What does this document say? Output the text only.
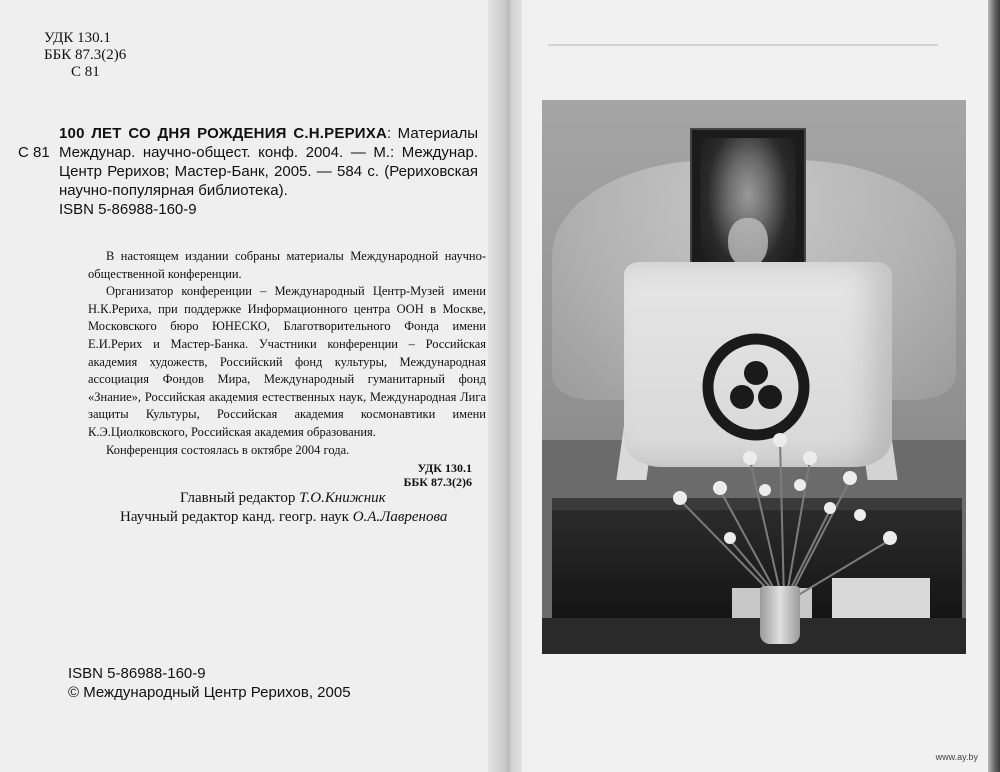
УДК 130.1
ББК 87.3(2)6
С 81
С 81
100 ЛЕТ СО ДНЯ РОЖДЕНИЯ С.Н.РЕРИХА: Материалы Междунар. научно-общест. конф. 2004. — М.: Междунар. Центр Рерихов; Мастер-Банк, 2005. — 584 с. (Рериховская научно-популярная библиотека).
ISBN 5-86988-160-9

В настоящем издании собраны материалы Международной научно-общественной конференции.

Организатор конференции – Международный Центр-Музей имени Н.К.Рериха, при поддержке Информационного центра ООН в Москве, Московского бюро ЮНЕСКО, Благотворительного Фонда имени Е.И.Рерих и Мастер-Банка. Участники конференции – Российская академия художеств, Российский фонд культуры, Международная ассоциация Фондов Мира, Международный гуманитарный фонд «Знание», Российская академия естественных наук, Международная Лига защиты Культуры, Российская академия космонавтики имени К.Э.Циолковского, Российская академия образования.

Конференция состоялась в октябре 2004 года.

УДК 130.1
ББК 87.3(2)6
Главный редактор Т.О.Книжник
Научный редактор канд. геогр. наук О.А.Лавренова
ISBN 5-86988-160-9
© Международный Центр Рерихов, 2005
www.ay.by
